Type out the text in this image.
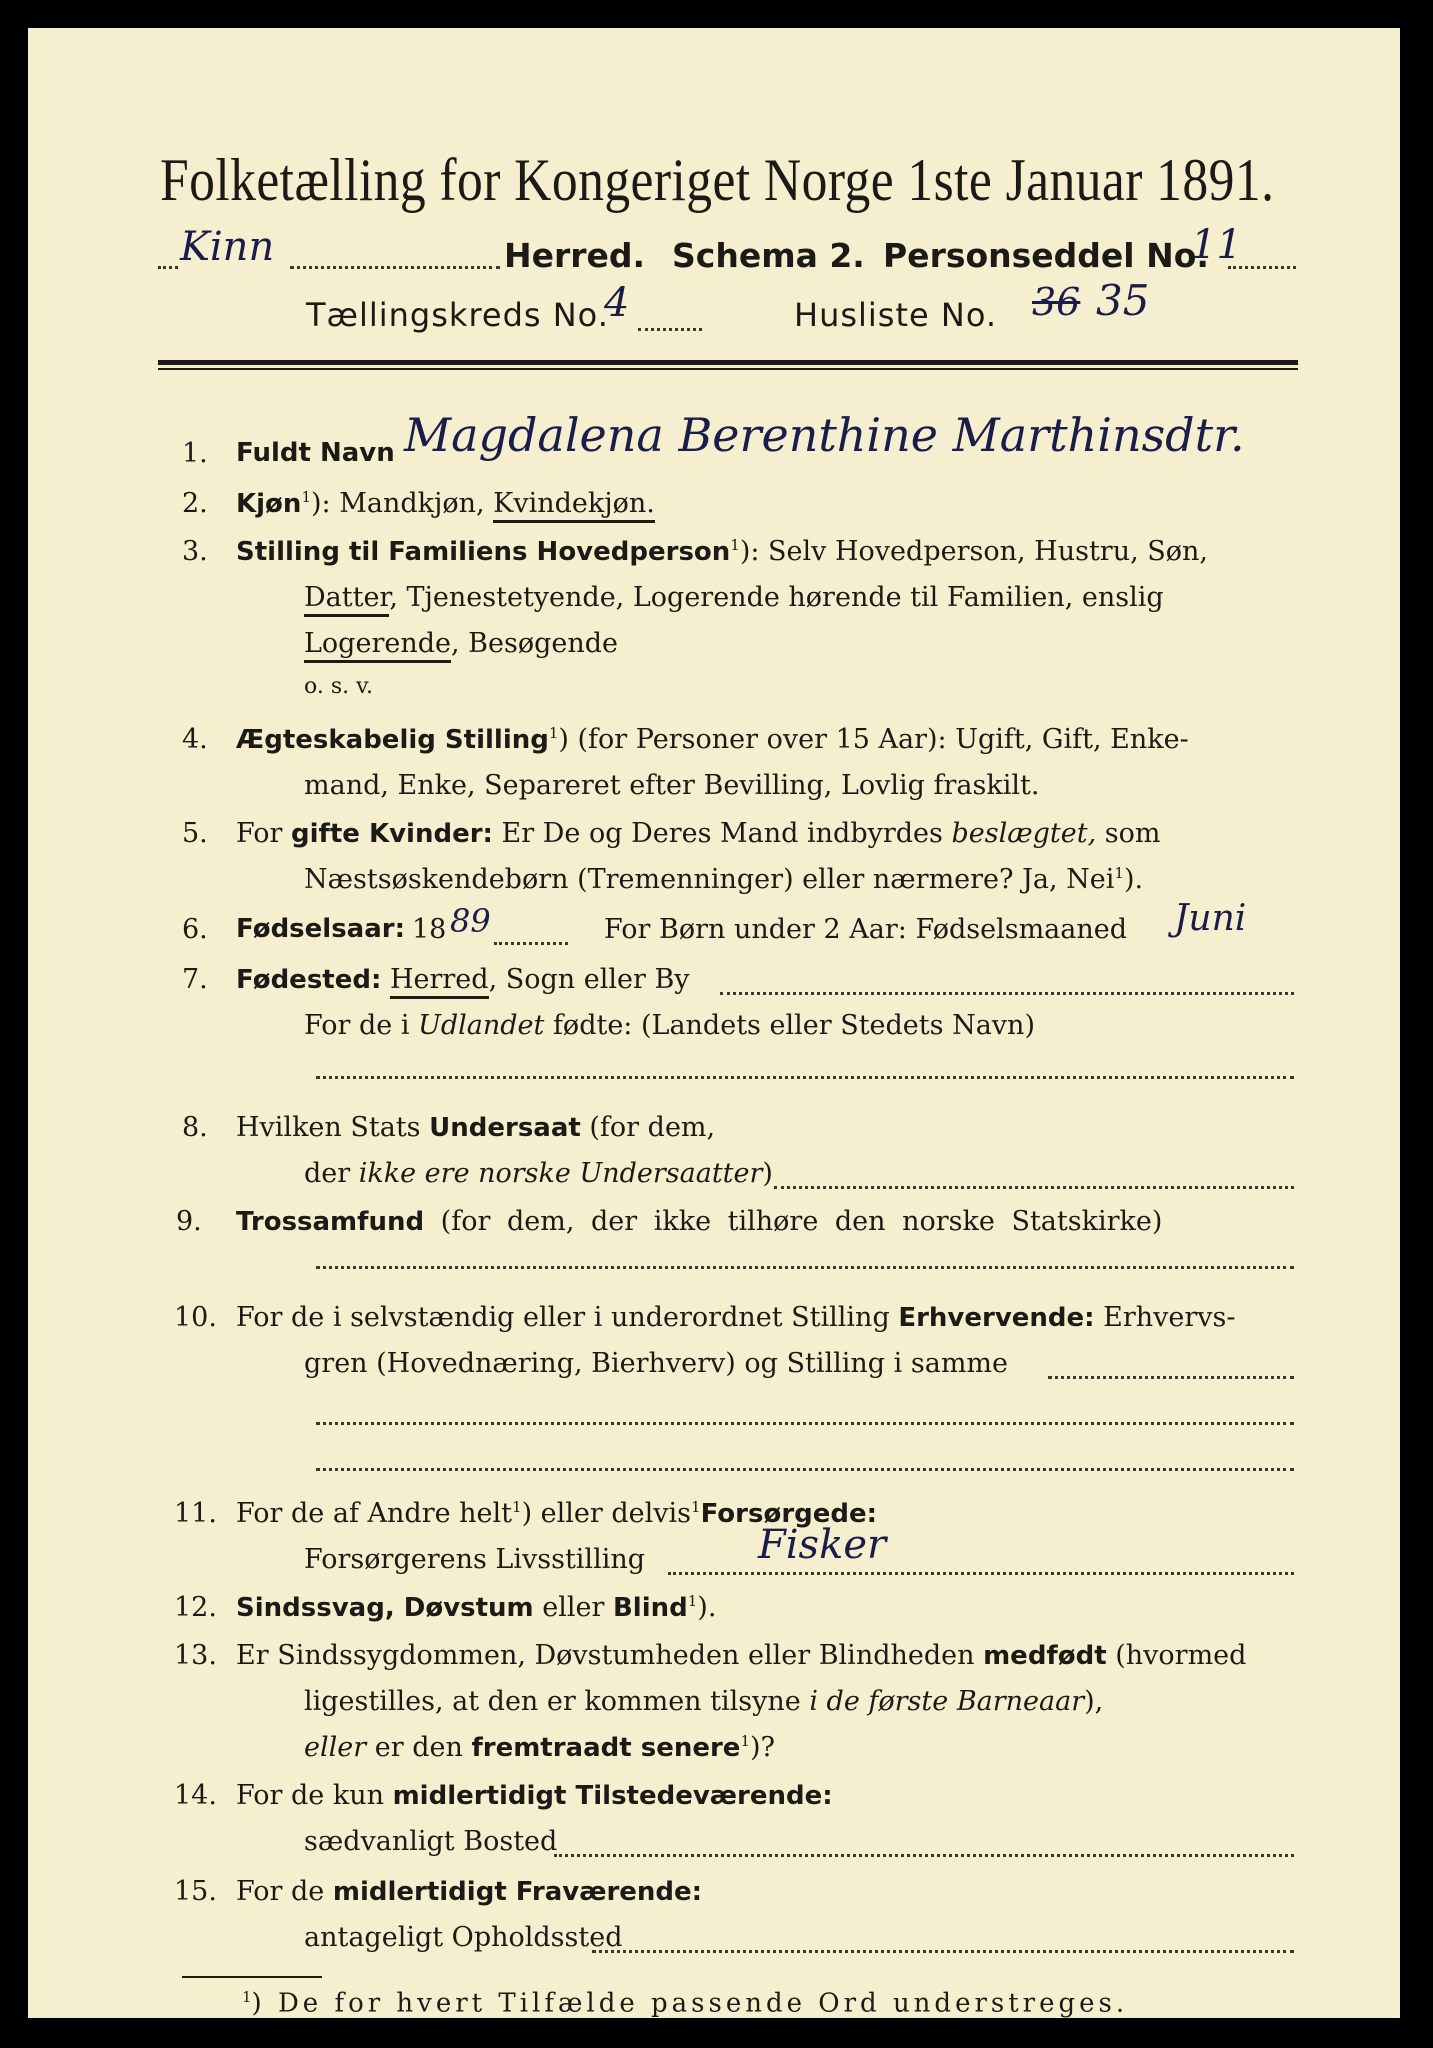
Folketælling for Kongeriget Norge 1ste Januar 1891.
Kinn	Herred. Schema 2. Personseddel No.
11
Tællingskreds No.
4	Husliste No. 36 35
1. Fuldt Navn Magdalena Berenthine Marthinsdtr.
2. Kjøn$^1$): Mandkjøn, Kvindekjøn.
3. Stilling til Familiens Hovedperson$^1$): Selv Hovedperson, Hustru, Søn,
Datter, Tjenestetyende, Logerende hørende til Familien, enslig
Logerende, Besøgende
o. s. v.
4. Ægteskabelig Stilling$^1$) (for Personer over 15 Aar): Ugift, Gift, Enke-
mand, Enke, Separeret efter Bevilling, Lovlig fraskilt.
5. For gifte Kvinder: Er De og Deres Mand indbyrdes beslægtet, som
Næstsøskendebørn (Tremenninger) eller nærmere? Ja, Nei$^1$).
6. Fødselsaar: 18 89	For Børn under 2 Aar: Fødselsmaaned Juni
7. Fødested: Herred, Sogn eller By
For de i Udlandet fødte: (Landets eller Stedets Navn)
8. Hvilken Stats Undersaat (for dem,
der ikke ere norske Undersaatter)
9. Trossamfund (for dem, der ikke tilhøre den norske Statskirke)
10. For de i selvstændig eller i underordnet Stilling Erhvervende: Erhvervs-
gren (Hovednæring, Bierhverv) og Stilling i samme
11. For de af Andre helt$^1$) eller delvis$^1$Forsørgede:
Forsørgerens Livsstilling	Fisker
12. Sindssvag, Døvstum eller Blind$^1$).
13. Er Sindssygdommen, Døvstumheden eller Blindheden medfødt (hvormed
ligestilles, at den er kommen tilsyne i de første Barneaar),
eller er den fremtraadt senere$^1$)?
14. For de kun midlertidigt Tilstedeværende:
sædvanligt Bosted
15. For de midlertidigt Fraværende:
antageligt Opholdssted
$^1$) De for hvert Tilfælde passende Ord understreges.
